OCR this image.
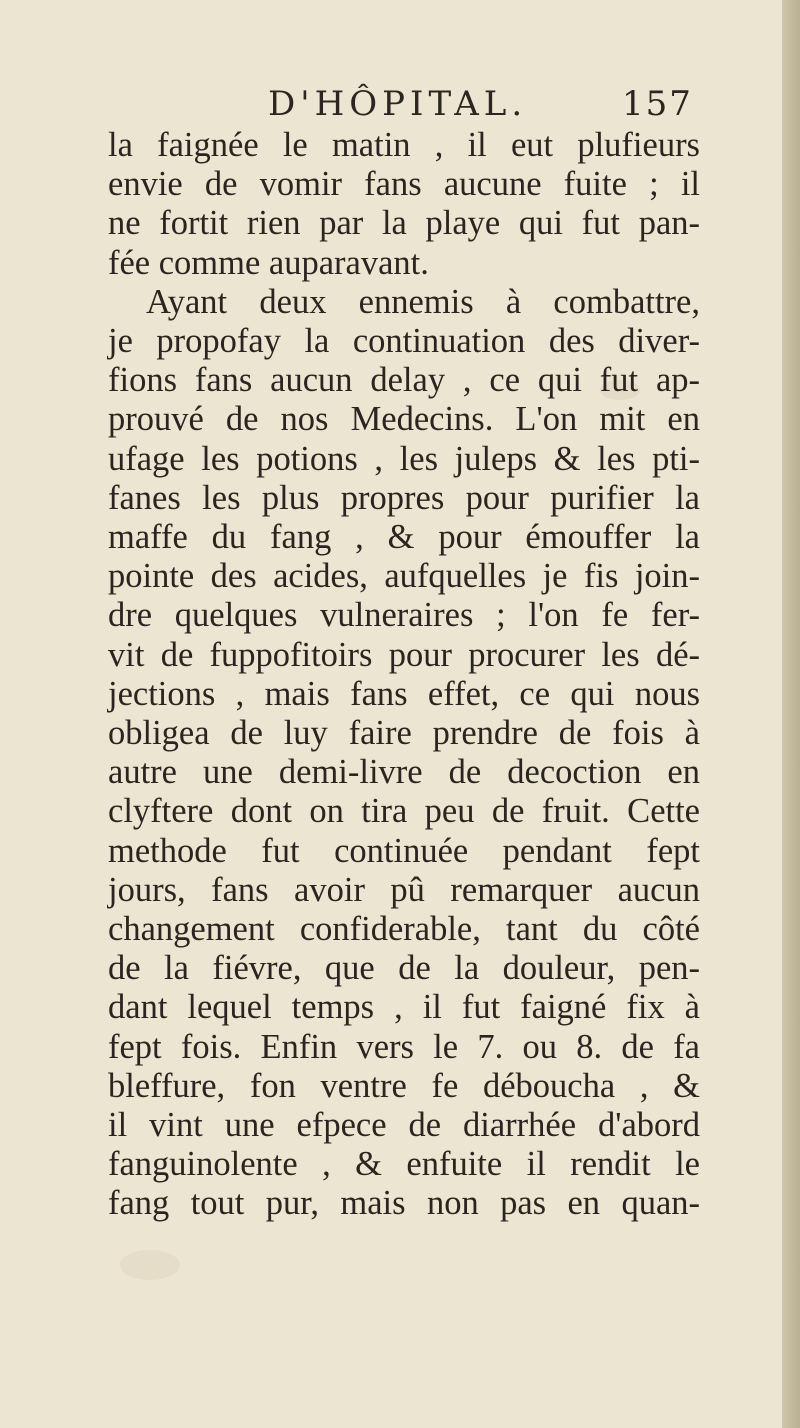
D'HÔPITAL.	157
la faignée le matin , il eut plufieurs
envie de vomir fans aucune fuite ; il
ne fortit rien par la playe qui fut pan-
fée comme auparavant.
Ayant deux ennemis à combattre,
je propofay la continuation des diver-
fions fans aucun delay , ce qui fut ap-
prouvé de nos Medecins. L'on mit en
ufage les potions , les juleps & les pti-
fanes les plus propres pour purifier la
maffe du fang , & pour émouffer la
pointe des acides, aufquelles je fis join-
dre quelques vulneraires ; l'on fe fer-
vit de fuppofitoirs pour procurer les dé-
jections , mais fans effet, ce qui nous
obligea de luy faire prendre de fois à
autre une demi-livre de decoction en
clyftere dont on tira peu de fruit. Cette
methode fut continuée pendant fept
jours, fans avoir pû remarquer aucun
changement confiderable, tant du côté
de la fiévre, que de la douleur, pen-
dant lequel temps , il fut faigné fix à
fept fois. Enfin vers le 7. ou 8. de fa
bleffure, fon ventre fe déboucha , &
il vint une efpece de diarrhée d'abord
fanguinolente , & enfuite il rendit le
fang tout pur, mais non pas en quan-
